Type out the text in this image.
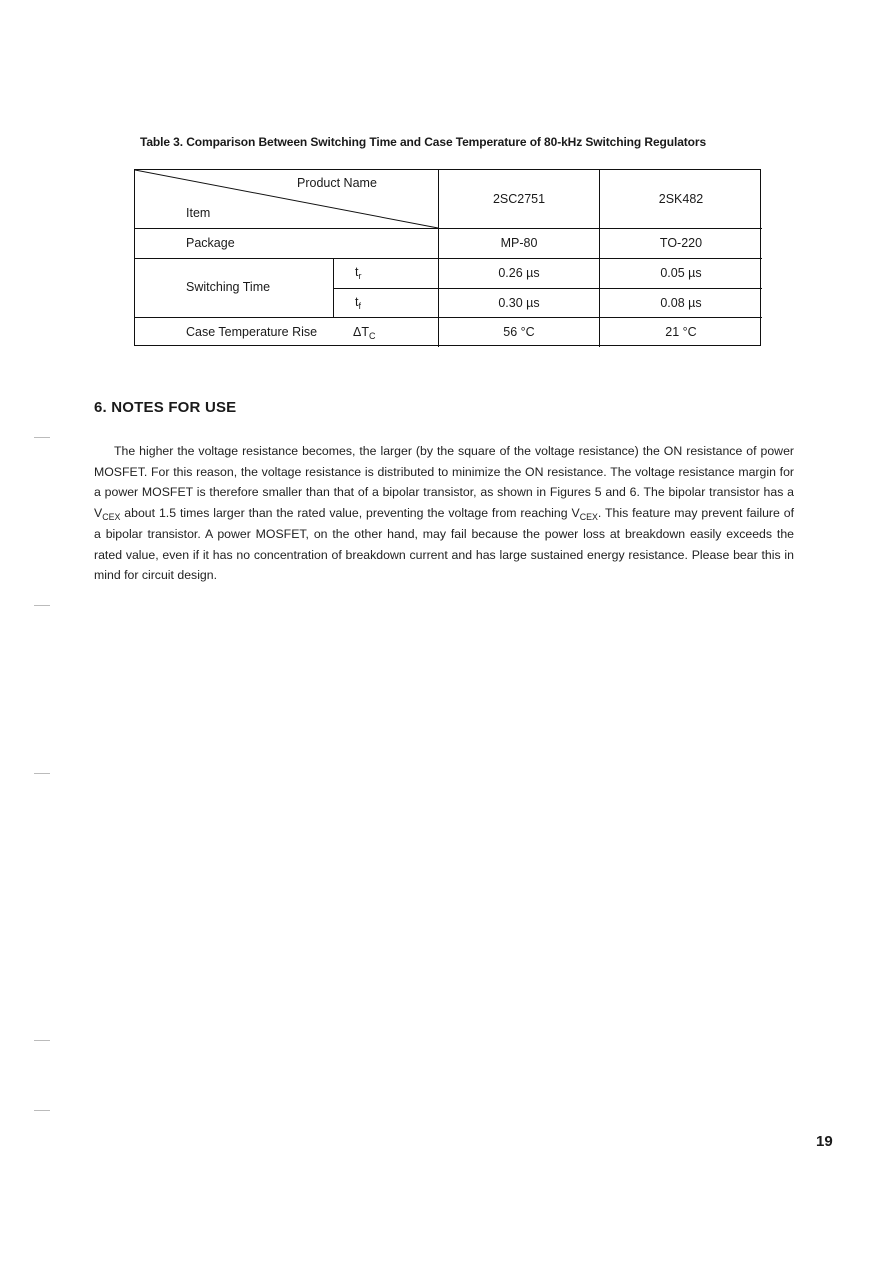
Table 3. Comparison Between Switching Time and Case Temperature of 80-kHz Switching Regulators
Product Name
Item
2SC2751	2SK482
Package	MP-80	TO-220
Switching Time
$t_r$	0.26 µs	0.05 µs
$t_f$	0.30 µs	0.08 µs
Case Temperature Rise	$\Delta T_C$	56 °C	21 °C
6. NOTES FOR USE
The higher the voltage resistance becomes, the larger (by the square of the voltage resistance) the ON resistance of power MOSFET. For this reason, the voltage resistance is distributed to minimize the ON resistance. The voltage resistance margin for a power MOSFET is therefore smaller than that of a bipolar transistor, as shown in Figures 5 and 6. The bipolar transistor has a $V_{CEX}$ about 1.5 times larger than the rated value, preventing the voltage from reaching $V_{CEX}$. This feature may prevent failure of a bipolar transistor. A power MOSFET, on the other hand, may fail because the power loss at breakdown easily exceeds the rated value, even if it has no concentration of breakdown current and has large sustained energy resistance. Please bear this in mind for circuit design.
19
